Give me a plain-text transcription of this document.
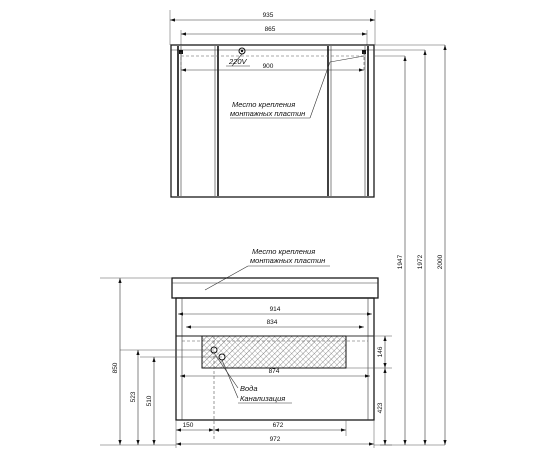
935
865
900
220V
Место крепления
монтажных пластин
1947 1972 2000
Место крепления
монтажных пластин
914
834
874
Вода
Канализация
850
523 510
146
423
150	672
972
